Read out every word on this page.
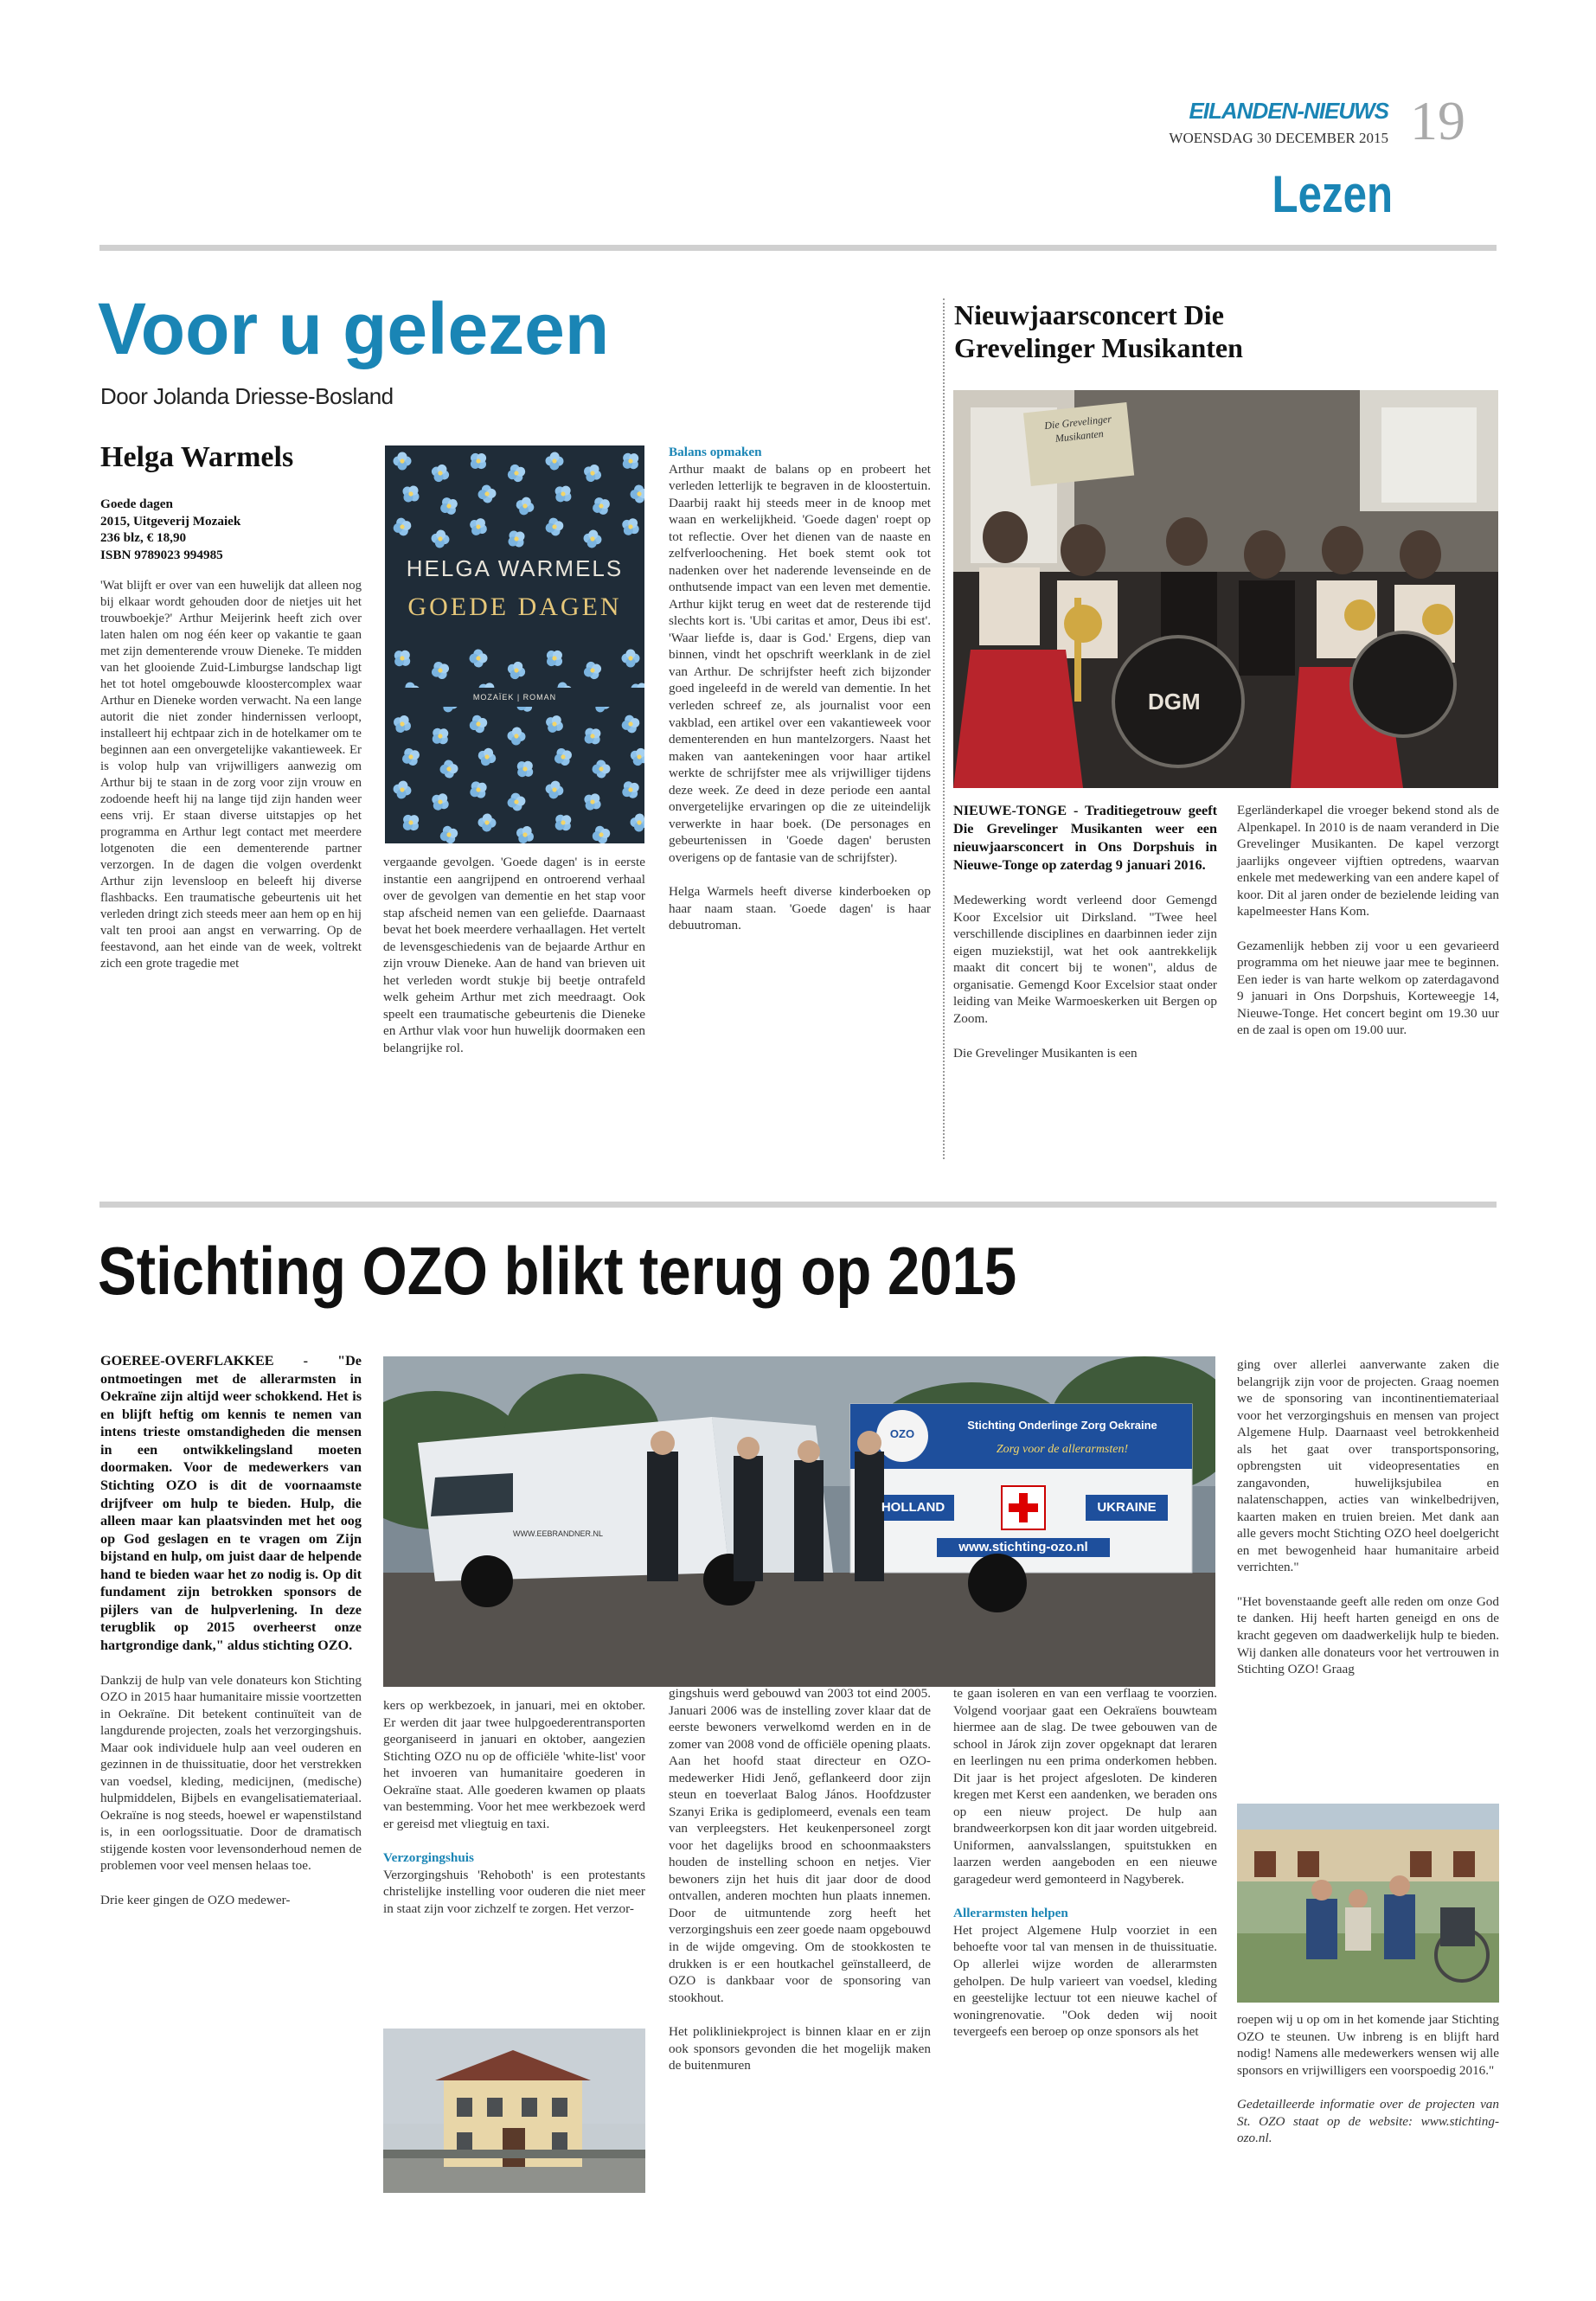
EILANDEN-NIEUWS
WOENSDAG 30 DECEMBER 2015 19
Lezen
Voor u gelezen
Door Jolanda Driesse-Bosland
Helga Warmels
Goede dagen
2015, Uitgeverij Mozaiek
236 blz, € 18,90
ISBN 9789023 994985

'Wat blijft er over van een huwelijk dat alleen nog bij elkaar wordt gehouden door de nietjes uit het trouwboekje?' Arthur Meijerink heeft zich over laten halen om nog één keer op vakantie te gaan met zijn dementerende vrouw Dieneke. Te midden van het glooiende Zuid-Limburgse landschap ligt het tot hotel omgebouwde kloostercomplex waar Arthur en Dieneke worden verwacht. Na een lange autorit die niet zonder hindernissen verloopt, installeert hij echtpaar zich in de hotelkamer om te beginnen aan een onvergetelijke vakantieweek. Er is volop hulp van vrijwilligers aanwezig om Arthur bij te staan in de zorg voor zijn vrouw en zodoende heeft hij na lange tijd zijn handen weer eens vrij. Er staan diverse uitstapjes op het programma en Arthur legt contact met meerdere lotgenoten die een dementerende partner verzorgen. In de dagen die volgen overdenkt Arthur zijn levensloop en beleeft hij diverse flashbacks. Een traumatische gebeurtenis uit het verleden dringt zich steeds meer aan hem op en hij valt ten prooi aan angst en verwarring. Op de feestavond, aan het einde van de week, voltrekt zich een grote tragedie met

HELGA WARMELS
GOEDE DAGEN
MOZAÏEK | ROMAN

vergaande gevolgen. 'Goede dagen' is in eerste instantie een aangrijpend en ontroerend verhaal over de gevolgen van dementie en het stap voor stap afscheid nemen van een geliefde. Daarnaast bevat het boek meerdere verhaallagen. Het vertelt de levensgeschiedenis van de bejaarde Arthur en zijn vrouw Dieneke. Aan de hand van brieven uit het verleden wordt stukje bij beetje ontrafeld welk geheim Arthur met zich meedraagt. Ook speelt een traumatische gebeurtenis die Dieneke en Arthur vlak voor hun huwelijk doormaken een belangrijke rol.

Balans opmaken

Arthur maakt de balans op en probeert het verleden letterlijk te begraven in de kloostertuin. Daarbij raakt hij steeds meer in de knoop met waan en werkelijkheid. 'Goede dagen' roept op tot reflectie. Over het dienen van de naaste en zelfverloochening. Het boek stemt ook tot nadenken over het naderende levenseinde en de onthutsende impact van een leven met dementie. Arthur kijkt terug en weet dat de resterende tijd slechts kort is. 'Ubi caritas et amor, Deus ibi est'. 'Waar liefde is, daar is God.' Ergens, diep van binnen, vindt het opschrift weerklank in de ziel van Arthur. De schrijfster heeft zich bijzonder goed ingeleefd in de wereld van dementie. In het verleden schreef ze, als journalist voor een vakblad, een artikel over een vakantieweek voor dementerenden en hun mantelzorgers. Naast het maken van aantekeningen voor haar artikel werkte de schrijfster mee als vrijwilliger tijdens deze week. Ze deed in deze periode een aantal onvergetelijke ervaringen op die ze uiteindelijk verwerkte in haar boek. (De personages en gebeurtenissen in 'Goede dagen' berusten overigens op de fantasie van de schrijfster).

Helga Warmels heeft diverse kinderboeken op haar naam staan. 'Goede dagen' is haar debuutroman.

Nieuwjaarsconcert Die Grevelinger Musikanten
Die Grevelinger Musikanten
DGM

NIEUWE-TONGE - Traditiegetrouw geeft Die Grevelinger Musikanten weer een nieuwjaarsconcert in Ons Dorpshuis in Nieuwe-Tonge op zaterdag 9 januari 2016.

Medewerking wordt verleend door Gemengd Koor Excelsior uit Dirksland. "Twee heel verschillende disciplines en daarbinnen ieder zijn eigen muziekstijl, wat het ook aantrekkelijk maakt dit concert bij te wonen", aldus de organisatie. Gemengd Koor Excelsior staat onder leiding van Meike Warmoeskerken uit Bergen op Zoom.

Die Grevelinger Musikanten is een

Egerländerkapel die vroeger bekend stond als de Alpenkapel. In 2010 is de naam veranderd in Die Grevelinger Musikanten. De kapel verzorgt jaarlijks ongeveer vijftien optredens, waarvan enkele met medewerking van een andere kapel of koor. Dit al jaren onder de bezielende leiding van kapelmeester Hans Kom.

Gezamenlijk hebben zij voor u een gevarieerd programma om het nieuwe jaar mee te beginnen. Een ieder is van harte welkom op zaterdagavond 9 januari in Ons Dorpshuis, Korteweegje 14, Nieuwe-Tonge. Het concert begint om 19.30 uur en de zaal is open om 19.00 uur.

Stichting OZO blikt terug op 2015

GOEREE-OVERFLAKKEE - "De ontmoetingen met de allerarmsten in Oekraïne zijn altijd weer schokkend. Het is en blijft heftig om kennis te nemen van intens trieste omstandigheden die mensen in een ontwikkelingsland moeten doormaken. Voor de medewerkers van Stichting OZO is dit de voornaamste drijfveer om hulp te bieden. Hulp, die alleen maar kan plaatsvinden met het oog op God geslagen en te vragen om Zijn bijstand en hulp, om juist daar de helpende hand te bieden waar het zo nodig is. Op dit fundament zijn betrokken sponsors de pijlers van de hulpverlening. In deze terugblik op 2015 overheerst onze hartgrondige dank," aldus stichting OZO.

Dankzij de hulp van vele donateurs kon Stichting OZO in 2015 haar humanitaire missie voortzetten in Oekraïne. Dit betekent continuïteit van de langdurende projecten, zoals het verzorgingshuis. Maar ook individuele hulp aan veel ouderen en gezinnen in de thuissituatie, door het verstrekken van voedsel, kleding, medicijnen, (medische) hulpmiddelen, Bijbels en evangelisatiemateriaal. Oekraïne is nog steeds, hoewel er wapenstilstand is, in een oorlogssituatie. Door de dramatisch stijgende kosten voor levensonderhoud nemen de problemen voor veel mensen helaas toe.

Drie keer gingen de OZO medewer-

OZO
Stichting Onderlinge Zorg Oekraine
Zorg voor de allerarmsten!
HOLLAND	UKRAINE
www.stichting-ozo.nl
WWW.EEBRANDNER.NL

kers op werkbezoek, in januari, mei en oktober. Er werden dit jaar twee hulpgoederentransporten georganiseerd in januari en oktober, aangezien Stichting OZO nu op de officiële 'white-list' voor het invoeren van humanitaire goederen in Oekraïne staat. Alle goederen kwamen op plaats van bestemming. Voor het mee werkbezoek werd er gereisd met vliegtuig en taxi.

Verzorgingshuis

Verzorgingshuis 'Rehoboth' is een protestants christelijke instelling voor ouderen die niet meer in staat zijn voor zichzelf te zorgen. Het verzor-

gingshuis werd gebouwd van 2003 tot eind 2005. Januari 2006 was de instelling zover klaar dat de eerste bewoners verwelkomd werden en in de zomer van 2008 vond de officiële opening plaats. Aan het hoofd staat directeur en OZO-medewerker Hidi Jenő, geflankeerd door zijn steun en toeverlaat Balog János. Hoofdzuster Szanyi Erika is gediplomeerd, evenals een team van verpleegsters. Het keukenpersoneel zorgt voor het dagelijks brood en schoonmaaksters houden de instelling schoon en netjes. Vier bewoners zijn het huis dit jaar door de dood ontvallen, anderen mochten hun plaats innemen. Door de uitmuntende zorg heeft het verzorgingshuis een zeer goede naam opgebouwd in de wijde omgeving. Om de stookkosten te drukken is er een houtkachel geïnstalleerd, de OZO is dankbaar voor de sponsoring van stookhout.

Het polikliniekproject is binnen klaar en er zijn ook sponsors gevonden die het mogelijk maken de buitenmuren

te gaan isoleren en van een verflaag te voorzien. Volgend voorjaar gaat een Oekraïens bouwteam hiermee aan de slag. De twee gebouwen van de school in Járok zijn zover opgeknapt dat leraren en leerlingen nu een prima onderkomen hebben. Dit jaar is het project afgesloten. De kinderen kregen met Kerst een aandenken, we beraden ons op een nieuw project. De hulp aan brandweerkorpsen kon dit jaar worden uitgebreid. Uniformen, aanvalsslangen, spuitstukken en laarzen werden aangeboden en een nieuwe garagedeur werd gemonteerd in Nagyberek.

Allerarmsten helpen

Het project Algemene Hulp voorziet in een behoefte voor tal van mensen in de thuissituatie. Op allerlei wijze worden de allerarmsten geholpen. De hulp varieert van voedsel, kleding en geestelijke lectuur tot een nieuwe kachel of woningrenovatie. "Ook deden wij nooit tevergeefs een beroep op onze sponsors als het

ging over allerlei aanverwante zaken die belangrijk zijn voor de projecten. Graag noemen we de sponsoring van incontinentiemateriaal voor het verzorgingshuis en mensen van project Algemene Hulp. Daarnaast veel betrokkenheid als het gaat over transportsponsoring, opbrengsten uit videopresentaties en zangavonden, huwelijksjubilea en nalatenschappen, acties van winkelbedrijven, kaarten maken en truien breien. Met dank aan alle gevers mocht Stichting OZO heel doelgericht en met bewogenheid haar humanitaire arbeid verrichten."

"Het bovenstaande geeft alle reden om onze God te danken. Hij heeft harten geneigd en ons de kracht gegeven om daadwerkelijk hulp te bieden. Wij danken alle donateurs voor het vertrouwen in Stichting OZO! Graag

roepen wij u op om in het komende jaar Stichting OZO te steunen. Uw inbreng is en blijft hard nodig! Namens alle medewerkers wensen wij alle sponsors en vrijwilligers een voorspoedig 2016."

Gedetailleerde informatie over de projecten van St. OZO staat op de website: www.stichting-ozo.nl.
